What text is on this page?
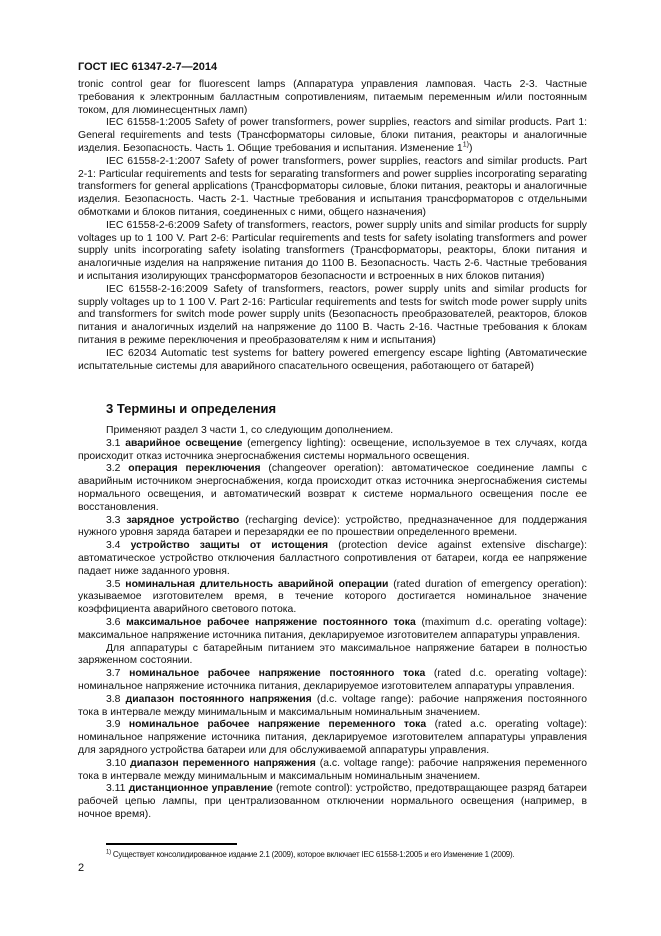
ГОСТ IEC 61347-2-7—2014

tronic control gear for fluorescent lamps (Аппаратура управления ламповая. Часть 2-3. Частные требования к электронным балластным сопротивлениям, питаемым переменным и/или постоянным током, для люминесцентных ламп)

IEC 61558-1:2005 Safety of power transformers, power supplies, reactors and similar products. Part 1: General requirements and tests (Трансформаторы силовые, блоки питания, реакторы и аналогичные изделия. Безопасность. Часть 1. Общие требования и испытания. Изменение 1$^{1)}$)

IEC 61558-2-1:2007 Safety of power transformers, power supplies, reactors and similar products. Part 2-1: Particular requirements and tests for separating transformers and power supplies incorporating separating transformers for general applications (Трансформаторы силовые, блоки питания, реакторы и аналогичные изделия. Безопасность. Часть 2-1. Частные требования и испытания трансформаторов с отдельными обмотками и блоков питания, соединенных с ними, общего назначения)

IEC 61558-2-6:2009 Safety of transformers, reactors, power supply units and similar products for supply voltages up to 1 100 V. Part 2-6: Particular requirements and tests for safety isolating transformers and power supply units incorporating safety isolating transformers (Трансформаторы, реакторы, блоки питания и аналогичные изделия на напряжение питания до 1100 В. Безопасность. Часть 2-6. Частные требования и испытания изолирующих трансформаторов безопасности и встроенных в них блоков питания)

IEC 61558-2-16:2009 Safety of transformers, reactors, power supply units and similar products for supply voltages up to 1 100 V. Part 2-16: Particular requirements and tests for switch mode power supply units and transformers for switch mode power supply units (Безопасность преобразователей, реакторов, блоков питания и аналогичных изделий на напряжение до 1100 В. Часть 2-16. Частные требования к блокам питания в режиме переключения и преобразователям к ним и испытания)

IEC 62034 Automatic test systems for battery powered emergency escape lighting (Автоматические испытательные системы для аварийного спасательного освещения, работающего от батарей)

3 Термины и определения

Применяют раздел 3 части 1, со следующим дополнением.

3.1 аварийное освещение (emergency lighting): освещение, используемое в тех случаях, когда происходит отказ источника энергоснабжения системы нормального освещения.

3.2 операция переключения (changeover operation): автоматическое соединение лампы с аварийным источником энергоснабжения, когда происходит отказ источника энергоснабжения системы нормального освещения, и автоматический возврат к системе нормального освещения после ее восстановления.

3.3 зарядное устройство (recharging device): устройство, предназначенное для поддержания нужного уровня заряда батареи и перезарядки ее по прошествии определенного времени.

3.4 устройство защиты от истощения (protection device against extensive discharge): автоматическое устройство отключения балластного сопротивления от батареи, когда ее напряжение падает ниже заданного уровня.

3.5 номинальная длительность аварийной операции (rated duration of emergency operation): указываемое изготовителем время, в течение которого достигается номинальное значение коэффициента аварийного светового потока.

3.6 максимальное рабочее напряжение постоянного тока (maximum d.c. operating voltage): максимальное напряжение источника питания, декларируемое изготовителем аппаратуры управления.

Для аппаратуры с батарейным питанием это максимальное напряжение батареи в полностью заряженном состоянии.

3.7 номинальное рабочее напряжение постоянного тока (rated d.c. operating voltage): номинальное напряжение источника питания, декларируемое изготовителем аппаратуры управления.

3.8 диапазон постоянного напряжения (d.c. voltage range): рабочие напряжения постоянного тока в интервале между минимальным и максимальным номинальным значением.

3.9 номинальное рабочее напряжение переменного тока (rated a.c. operating voltage): номинальное напряжение источника питания, декларируемое изготовителем аппаратуры управления для зарядного устройства батареи или для обслуживаемой аппаратуры управления.

3.10 диапазон переменного напряжения (a.c. voltage range): рабочие напряжения переменного тока в интервале между минимальным и максимальным номинальным значением.

3.11 дистанционное управление (remote control): устройство, предотвращающее разряд батареи рабочей цепью лампы, при централизованном отключении нормального освещения (например, в ночное время).

$^{1)}$ Существует консолидированное издание 2.1 (2009), которое включает IEC 61558-1:2005 и его Изменение 1 (2009).
2
